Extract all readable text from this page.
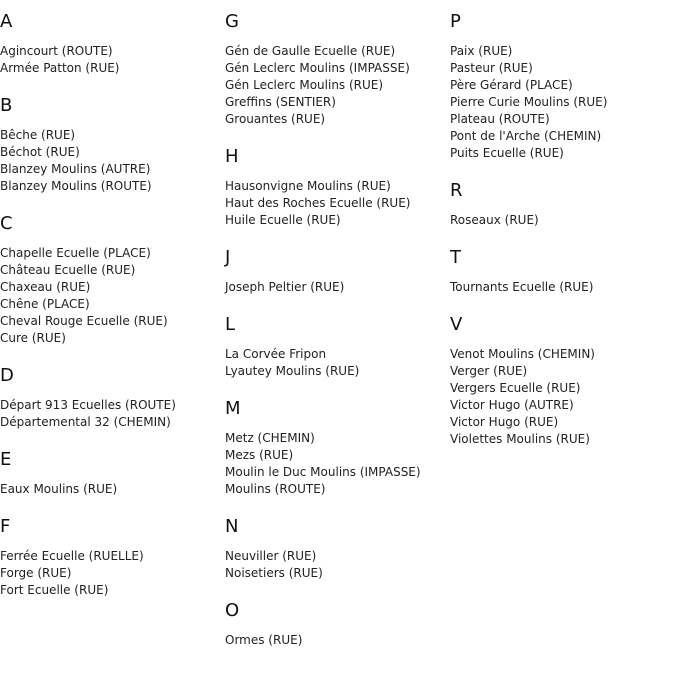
A
Agincourt (ROUTE)
Armée Patton (RUE)
B
Bêche (RUE)
Béchot (RUE)
Blanzey Moulins (AUTRE)
Blanzey Moulins (ROUTE)
C
Chapelle Ecuelle (PLACE)
Château Ecuelle (RUE)
Chaxeau (RUE)
Chêne (PLACE)
Cheval Rouge Ecuelle (RUE)
Cure (RUE)
D
Départ 913 Ecuelles (ROUTE)
Départemental 32 (CHEMIN)
E
Eaux Moulins (RUE)
F
Ferrée Ecuelle (RUELLE)
Forge (RUE)
Fort Ecuelle (RUE)
G
Gén de Gaulle Ecuelle (RUE)
Gén Leclerc Moulins (IMPASSE)
Gén Leclerc Moulins (RUE)
Greffins (SENTIER)
Grouantes (RUE)
H
Hausonvigne Moulins (RUE)
Haut des Roches Ecuelle (RUE)
Huile Ecuelle (RUE)
J
Joseph Peltier (RUE)
L
La Corvée Fripon
Lyautey Moulins (RUE)
M
Metz (CHEMIN)
Mezs (RUE)
Moulin le Duc Moulins (IMPASSE)
Moulins (ROUTE)
N
Neuviller (RUE)
Noisetiers (RUE)
O
Ormes (RUE)
P
Paix (RUE)
Pasteur (RUE)
Père Gérard (PLACE)
Pierre Curie Moulins (RUE)
Plateau (ROUTE)
Pont de l'Arche (CHEMIN)
Puits Ecuelle (RUE)
R
Roseaux (RUE)
T
Tournants Ecuelle (RUE)
V
Venot Moulins (CHEMIN)
Verger (RUE)
Vergers Ecuelle (RUE)
Victor Hugo (AUTRE)
Victor Hugo (RUE)
Violettes Moulins (RUE)
